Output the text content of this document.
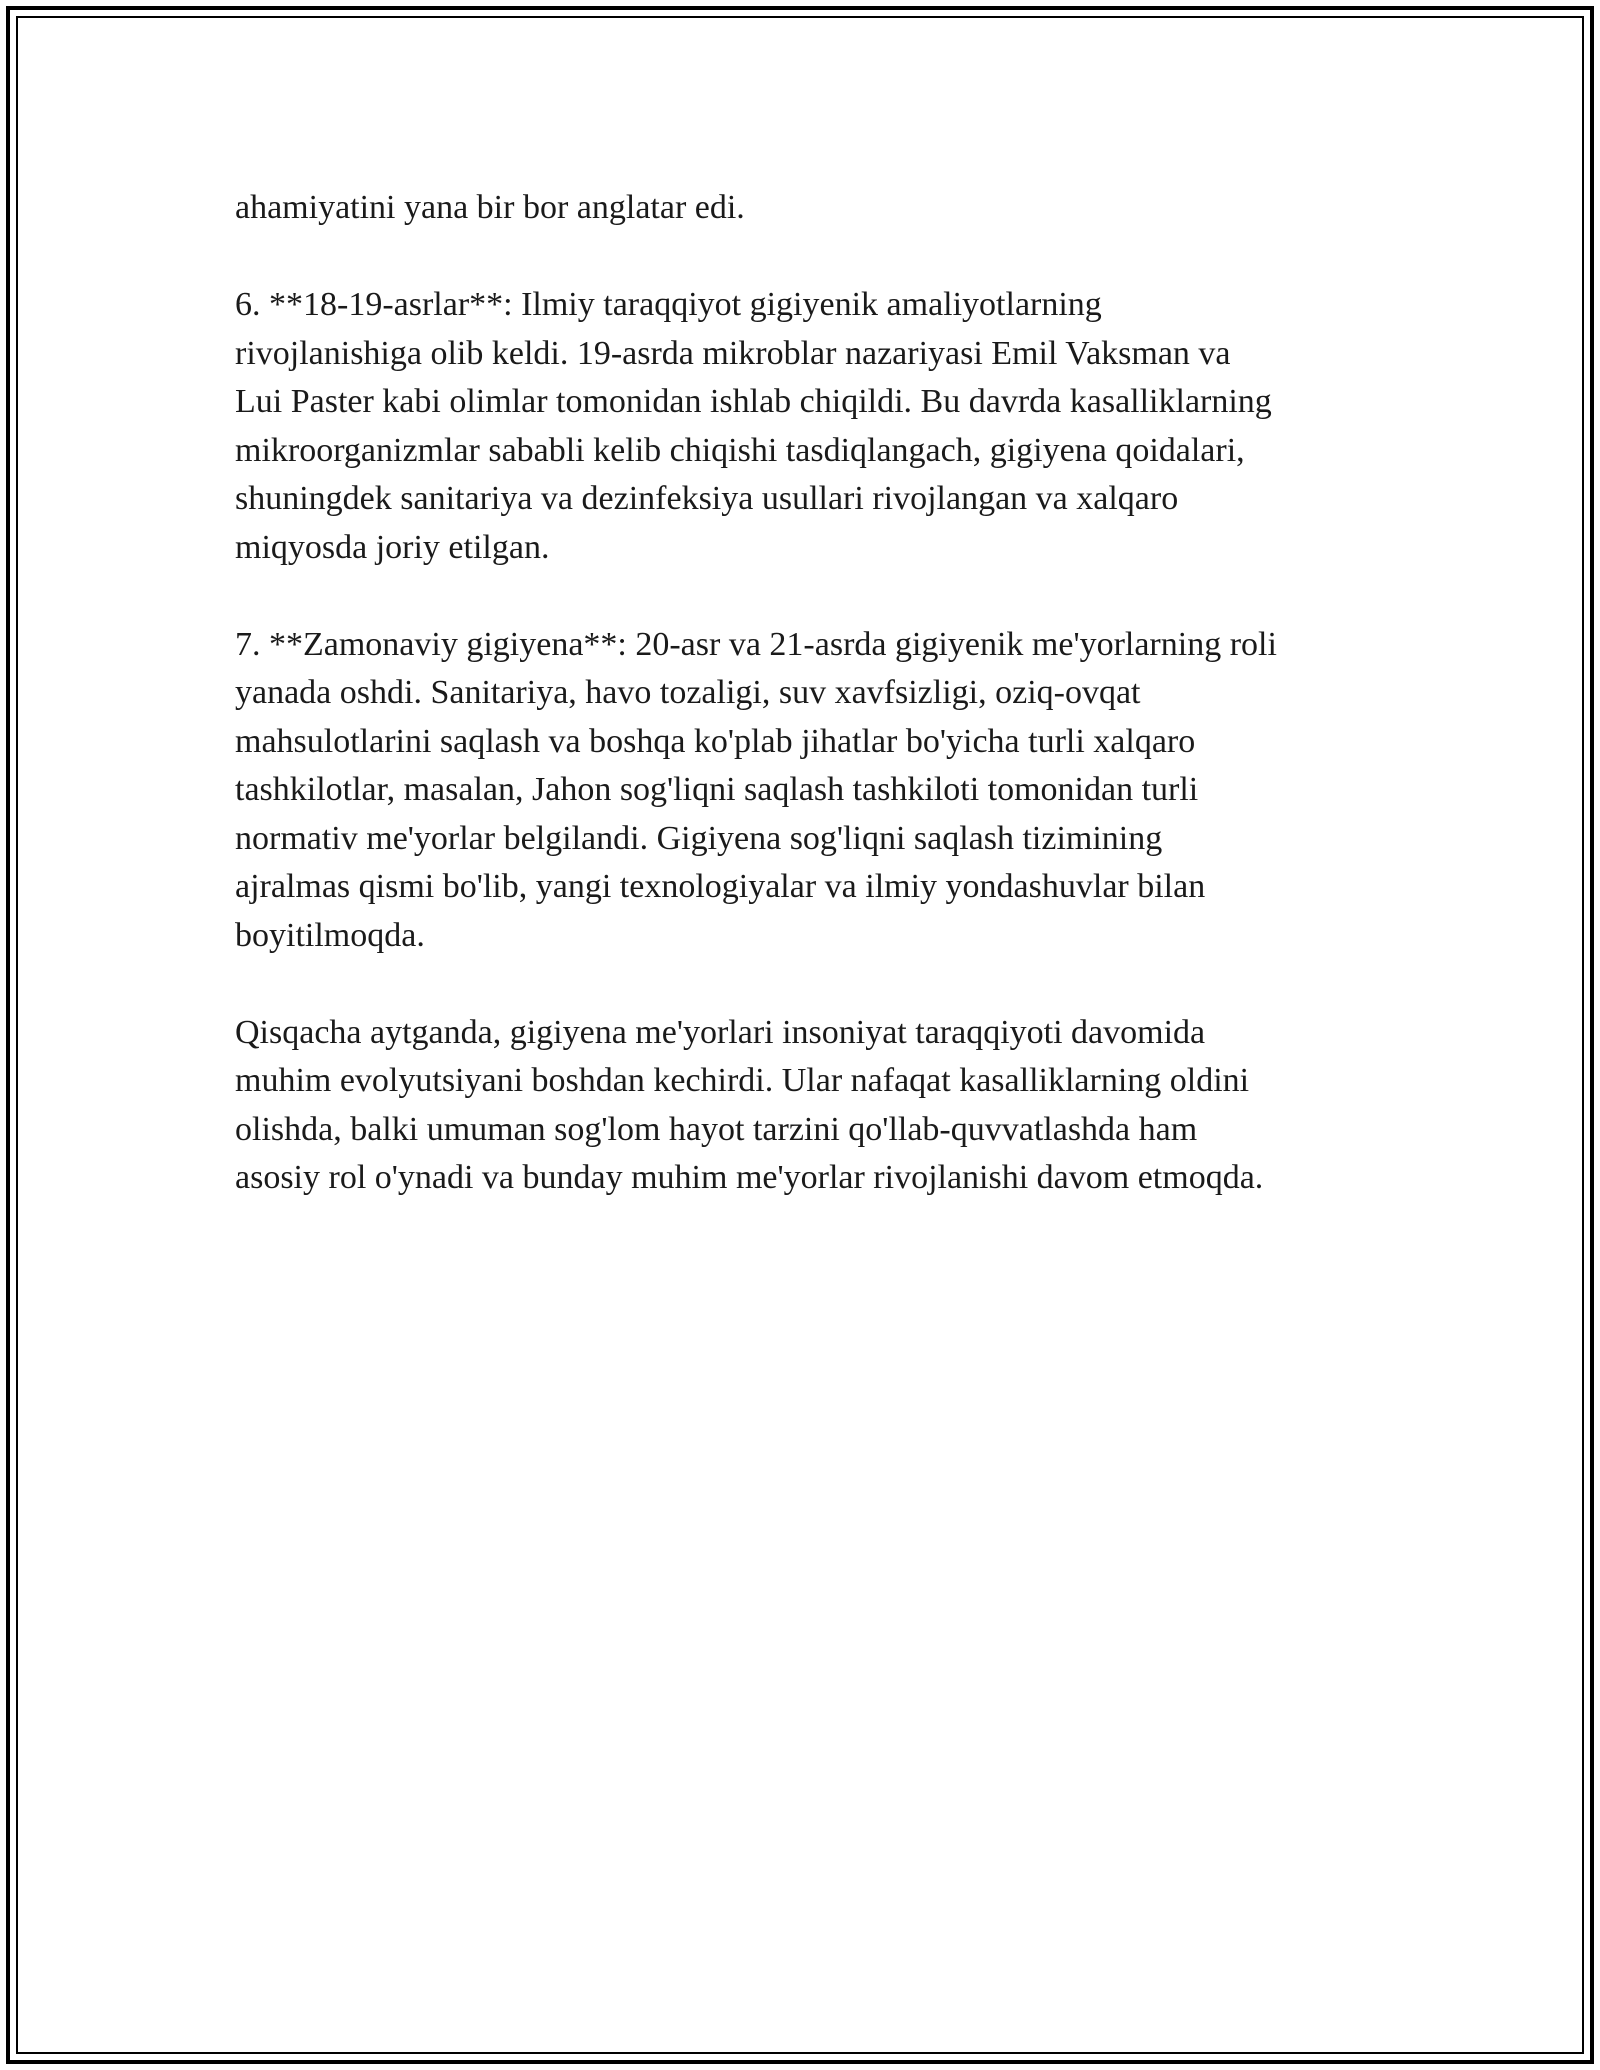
ahamiyatini yana bir bor anglatar edi.
6. **18-19-asrlar**: Ilmiy taraqqiyot gigiyenik amaliyotlarning
rivojlanishiga olib keldi. 19-asrda mikroblar nazariyasi Emil Vaksman va
Lui Paster kabi olimlar tomonidan ishlab chiqildi. Bu davrda kasalliklarning
mikroorganizmlar sababli kelib chiqishi tasdiqlangach, gigiyena qoidalari,
shuningdek sanitariya va dezinfeksiya usullari rivojlangan va xalqaro
miqyosda joriy etilgan.
7. **Zamonaviy gigiyena**: 20-asr va 21-asrda gigiyenik me'yorlarning roli
yanada oshdi. Sanitariya, havo tozaligi, suv xavfsizligi, oziq-ovqat
mahsulotlarini saqlash va boshqa ko'plab jihatlar bo'yicha turli xalqaro
tashkilotlar, masalan, Jahon sog'liqni saqlash tashkiloti tomonidan turli
normativ me'yorlar belgilandi. Gigiyena sog'liqni saqlash tizimining
ajralmas qismi bo'lib, yangi texnologiyalar va ilmiy yondashuvlar bilan
boyitilmoqda.
Qisqacha aytganda, gigiyena me'yorlari insoniyat taraqqiyoti davomida
muhim evolyutsiyani boshdan kechirdi. Ular nafaqat kasalliklarning oldini
olishda, balki umuman sog'lom hayot tarzini qo'llab-quvvatlashda ham
asosiy rol o'ynadi va bunday muhim me'yorlar rivojlanishi davom etmoqda.
